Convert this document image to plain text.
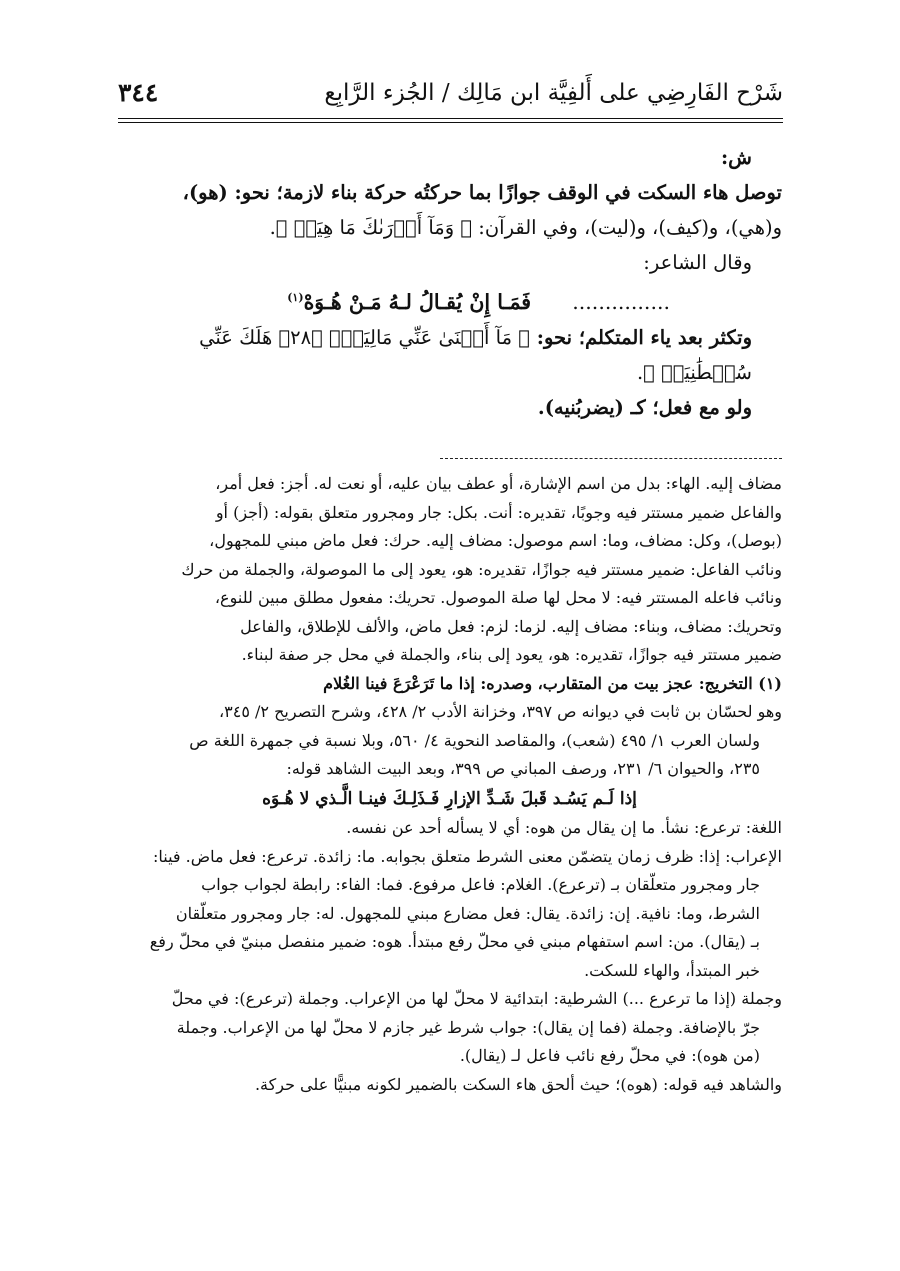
شَرْح الفَارِضِي على أَلفِيَّة ابن مَالِك / الجُزء الرَّابِع
٣٤٤

ش:

توصل هاء السكت في الوقف جوازًا بما حركتُه حركة بناء لازمة؛ نحو: (هو)،

و(هي)، و(كيف)، و(ليت)، وفي القرآن: ﴿ وَمَآ أَدۡرَىٰكَ مَا هِيَهۡ ﴾.

وقال الشاعر:

............... فَمَـا إِنْ يُقـالُ لـهُ مَـنْ هُـوَهْ$^{(١)}$

وتكثر بعد ياء المتكلم؛ نحو: ﴿ مَآ أَغۡنَىٰ عَنِّي مَالِيَهۡۜ ﴿٢٨﴾ هَلَكَ عَنِّي سُلۡطَٰنِيَهۡ ﴾.

ولو مع فعل؛ كـ (يضربُنيه).

مضاف إليه. الهاء: بدل من اسم الإشارة، أو عطف بيان عليه، أو نعت له. أجز: فعل أمر،

والفاعل ضمير مستتر فيه وجوبًا، تقديره: أنت. بكل: جار ومجرور متعلق بقوله: (أجز) أو

(بوصل)، وكل: مضاف، وما: اسم موصول: مضاف إليه. حرك: فعل ماض مبني للمجهول،

ونائب الفاعل: ضمير مستتر فيه جوازًا، تقديره: هو، يعود إلى ما الموصولة، والجملة من حرك

ونائب فاعله المستتر فيه: لا محل لها صلة الموصول. تحريك: مفعول مطلق مبين للنوع،

وتحريك: مضاف، وبناء: مضاف إليه. لزما: لزم: فعل ماض، والألف للإطلاق، والفاعل

ضمير مستتر فيه جوازًا، تقديره: هو، يعود إلى بناء، والجملة في محل جر صفة لبناء.

(١) التخريج: عجز بيت من المتقارب، وصدره: إذا ما تَرَعْرَعَ فينا الغُلام

وهو لحسّان بن ثابت في ديوانه ص ٣٩٧، وخزانة الأدب ٢/ ٤٢٨، وشرح التصريح ٢/ ٣٤٥،

ولسان العرب ١/ ٤٩٥ (شعب)، والمقاصد النحوية ٤/ ٥٦٠، وبلا نسبة في جمهرة اللغة ص

٢٣٥، والحيوان ٦/ ٢٣١، ورصف المباني ص ٣٩٩، وبعد البيت الشاهد قوله:

إذا لَـم يَسُـد قَبلَ شَـدِّ الإزارِ فَـذَلِـكَ فينـا الَّـذي لا هُـوَه

اللغة: ترعرع: نشأ. ما إن يقال من هوه: أي لا يسأله أحد عن نفسه.

الإعراب: إذا: ظرف زمان يتضمّن معنى الشرط متعلق بجوابه. ما: زائدة. ترعرع: فعل ماض. فينا:

جار ومجرور متعلّقان بـ (ترعرع). الغلام: فاعل مرفوع. فما: الفاء: رابطة لجواب جواب

الشرط، وما: نافية. إن: زائدة. يقال: فعل مضارع مبني للمجهول. له: جار ومجرور متعلّقان

بـ (يقال). من: اسم استفهام مبني في محلّ رفع مبتدأ. هوه: ضمير منفصل مبنيّ في محلّ رفع

خبر المبتدأ، والهاء للسكت.

وجملة (إذا ما ترعرع ...) الشرطية: ابتدائية لا محلّ لها من الإعراب. وجملة (ترعرع): في محلّ

جرّ بالإضافة. وجملة (فما إن يقال): جواب شرط غير جازم لا محلّ لها من الإعراب. وجملة

(من هوه): في محلّ رفع نائب فاعل لـ (يقال).

والشاهد فيه قوله: (هوه)؛ حيث ألحق هاء السكت بالضمير لكونه مبنيًّا على حركة.
